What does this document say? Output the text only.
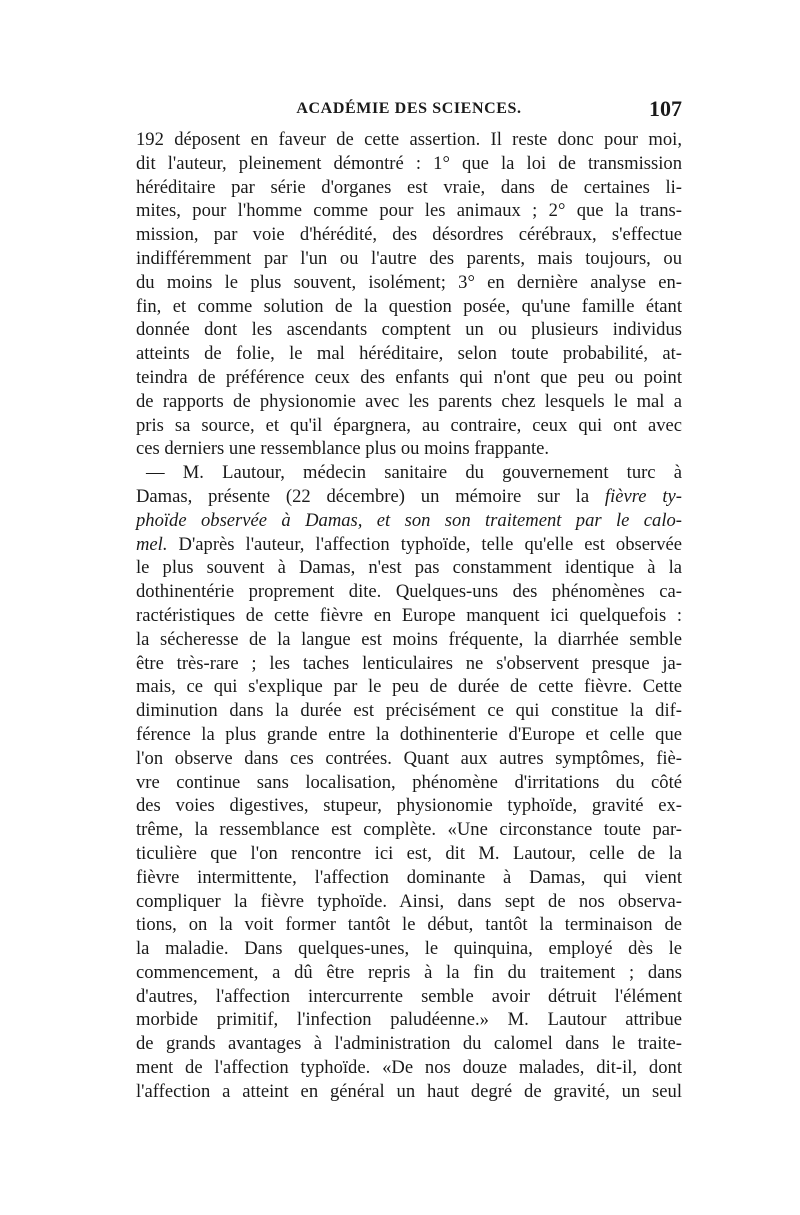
ACADÉMIE DES SCIENCES.	107
192 déposent en faveur de cette assertion. Il reste donc pour moi,
dit l'auteur, pleinement démontré : 1° que la loi de transmission
héréditaire par série d'organes est vraie, dans de certaines li-
mites, pour l'homme comme pour les animaux ; 2° que la trans-
mission, par voie d'hérédité, des désordres cérébraux, s'effectue
indifféremment par l'un ou l'autre des parents, mais toujours, ou
du moins le plus souvent, isolément; 3° en dernière analyse en-
fin, et comme solution de la question posée, qu'une famille étant
donnée dont les ascendants comptent un ou plusieurs individus
atteints de folie, le mal héréditaire, selon toute probabilité, at-
teindra de préférence ceux des enfants qui n'ont que peu ou point
de rapports de physionomie avec les parents chez lesquels le mal a
pris sa source, et qu'il épargnera, au contraire, ceux qui ont avec
ces derniers une ressemblance plus ou moins frappante.
— M. Lautour, médecin sanitaire du gouvernement turc à
Damas, présente (22 décembre) un mémoire sur la fièvre ty-
phoïde observée à Damas, et son son traitement par le calo-
mel. D'après l'auteur, l'affection typhoïde, telle qu'elle est observée
le plus souvent à Damas, n'est pas constamment identique à la
dothinentérie proprement dite. Quelques-uns des phénomènes ca-
ractéristiques de cette fièvre en Europe manquent ici quelquefois :
la sécheresse de la langue est moins fréquente, la diarrhée semble
être très-rare ; les taches lenticulaires ne s'observent presque ja-
mais, ce qui s'explique par le peu de durée de cette fièvre. Cette
diminution dans la durée est précisément ce qui constitue la dif-
férence la plus grande entre la dothinenterie d'Europe et celle que
l'on observe dans ces contrées. Quant aux autres symptômes, fiè-
vre continue sans localisation, phénomène d'irritations du côté
des voies digestives, stupeur, physionomie typhoïde, gravité ex-
trême, la ressemblance est complète. «Une circonstance toute par-
ticulière que l'on rencontre ici est, dit M. Lautour, celle de la
fièvre intermittente, l'affection dominante à Damas, qui vient
compliquer la fièvre typhoïde. Ainsi, dans sept de nos observa-
tions, on la voit former tantôt le début, tantôt la terminaison de
la maladie. Dans quelques-unes, le quinquina, employé dès le
commencement, a dû être repris à la fin du traitement ; dans
d'autres, l'affection intercurrente semble avoir détruit l'élément
morbide primitif, l'infection paludéenne.» M. Lautour attribue
de grands avantages à l'administration du calomel dans le traite-
ment de l'affection typhoïde. «De nos douze malades, dit-il, dont
l'affection a atteint en général un haut degré de gravité, un seul
